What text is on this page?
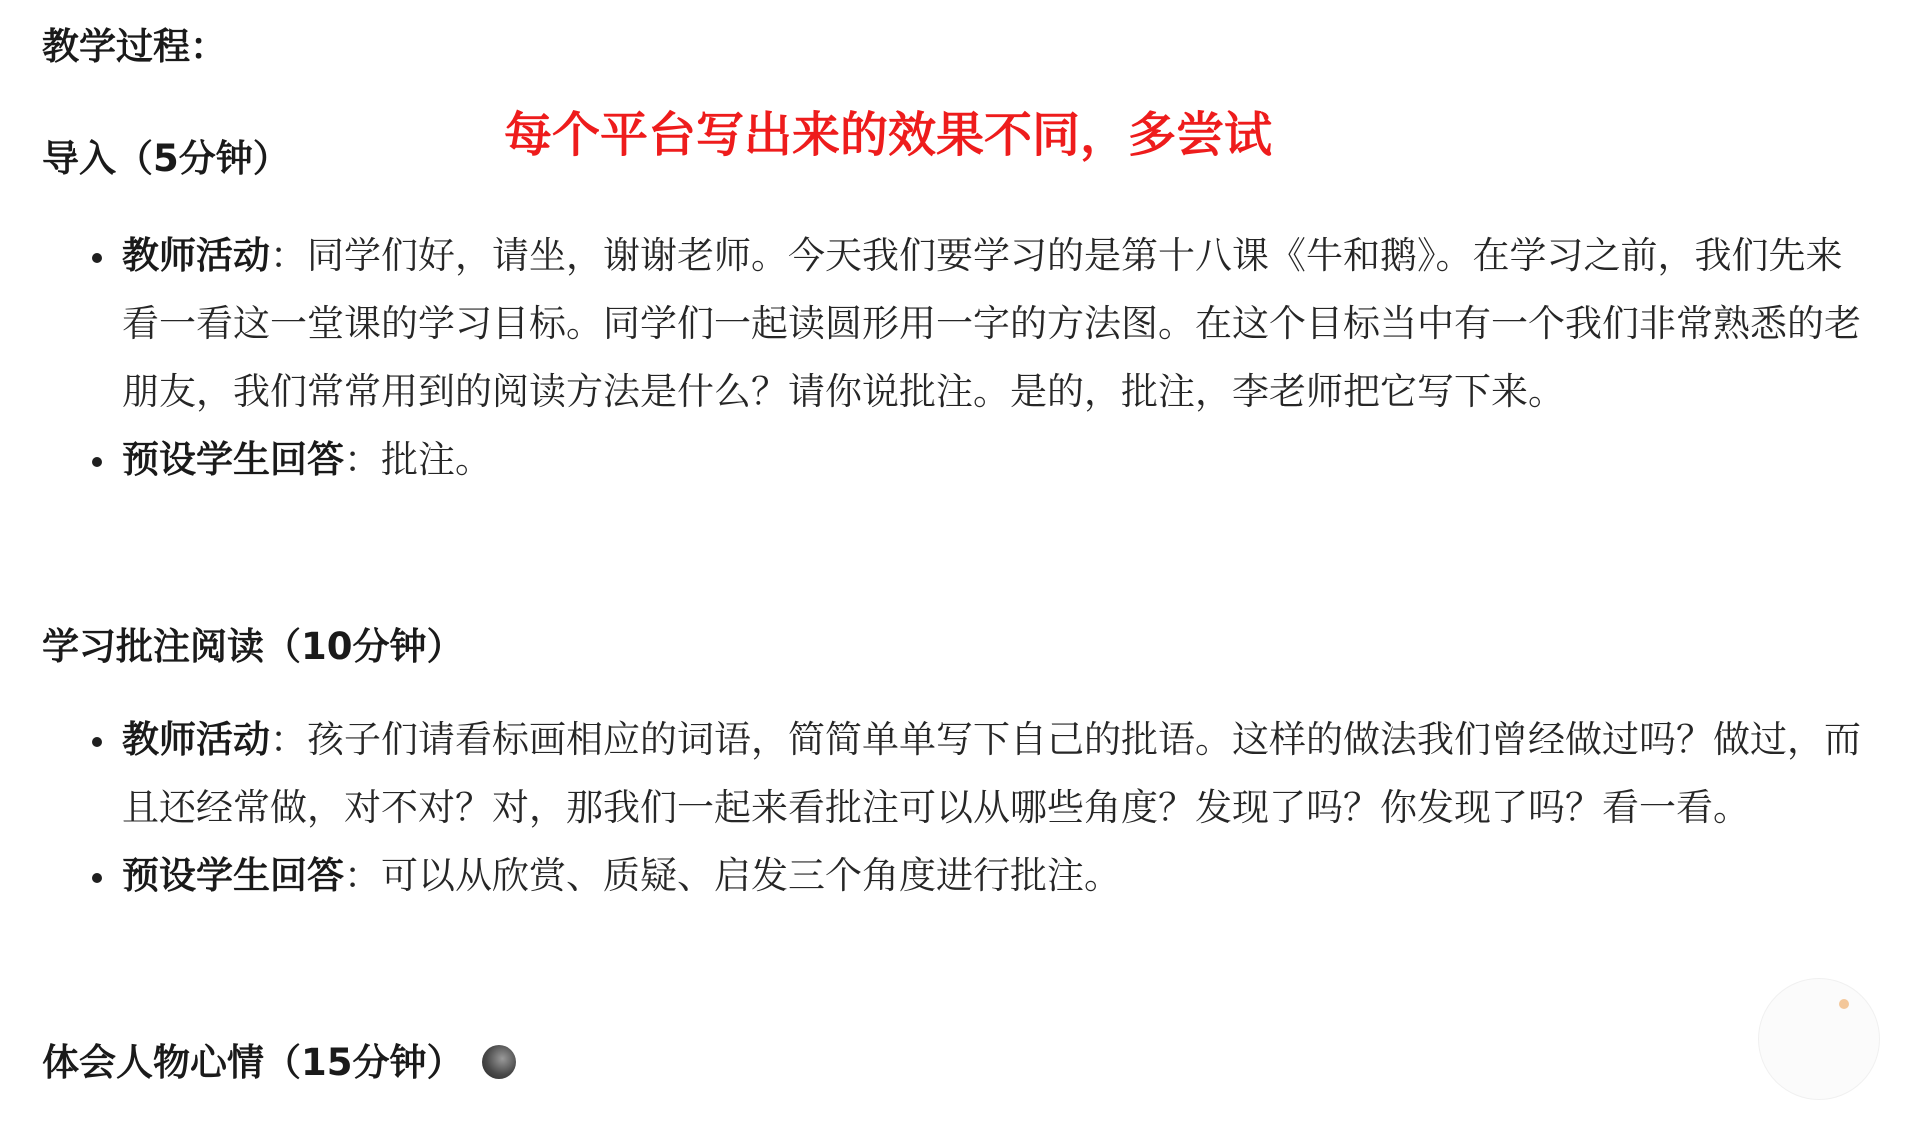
教学过程：
每个平台写出来的效果不同，多尝试
导入（5分钟）
教师活动：同学们好，请坐，谢谢老师。今天我们要学习的是第十八课《牛和鹅》。在学习之前，我们先来看一看这一堂课的学习目标。同学们一起读圆形用一字的方法图。在这个目标当中有一个我们非常熟悉的老朋友，我们常常用到的阅读方法是什么？请你说批注。是的，批注，李老师把它写下来。
预设学生回答：批注。
学习批注阅读（10分钟）
教师活动：孩子们请看标画相应的词语，简简单单写下自己的批语。这样的做法我们曾经做过吗？做过，而且还经常做，对不对？对，那我们一起来看批注可以从哪些角度？发现了吗？你发现了吗？看一看。
预设学生回答：可以从欣赏、质疑、启发三个角度进行批注。
体会人物心情（15分钟）
